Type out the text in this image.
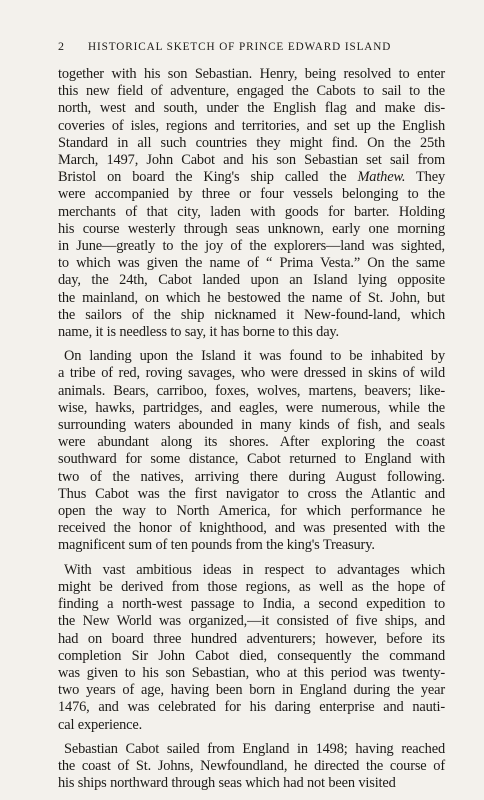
2 HISTORICAL SKETCH OF PRINCE EDWARD ISLAND

together with his son Sebastian. Henry, being resolved to enter
this new field of adventure, engaged the Cabots to sail to the
north, west and south, under the English flag and make dis-
coveries of isles, regions and territories, and set up the English
Standard in all such countries they might find. On the 25th
March, 1497, John Cabot and his son Sebastian set sail from
Bristol on board the King's ship called the Mathew. They
were accompanied by three or four vessels belonging to the
merchants of that city, laden with goods for barter. Holding
his course westerly through seas unknown, early one morning
in June—greatly to the joy of the explorers—land was sighted,
to which was given the name of “ Prima Vesta.” On the same
day, the 24th, Cabot landed upon an Island lying opposite
the mainland, on which he bestowed the name of St. John, but
the sailors of the ship nicknamed it New-found-land, which
name, it is needless to say, it has borne to this day.

On landing upon the Island it was found to be inhabited by
a tribe of red, roving savages, who were dressed in skins of wild
animals. Bears, carriboo, foxes, wolves, martens, beavers; like-
wise, hawks, partridges, and eagles, were numerous, while the
surrounding waters abounded in many kinds of fish, and seals
were abundant along its shores. After exploring the coast
southward for some distance, Cabot returned to England with
two of the natives, arriving there during August following.
Thus Cabot was the first navigator to cross the Atlantic and
open the way to North America, for which performance he
received the honor of knighthood, and was presented with the
magnificent sum of ten pounds from the king's Treasury.

With vast ambitious ideas in respect to advantages which
might be derived from those regions, as well as the hope of
finding a north-west passage to India, a second expedition to
the New World was organized,—it consisted of five ships, and
had on board three hundred adventurers; however, before its
completion Sir John Cabot died, consequently the command
was given to his son Sebastian, who at this period was twenty-
two years of age, having been born in England during the year
1476, and was celebrated for his daring enterprise and nauti-
cal experience.

Sebastian Cabot sailed from England in 1498; having reached
the coast of St. Johns, Newfoundland, he directed the course of
his ships northward through seas which had not been visited
